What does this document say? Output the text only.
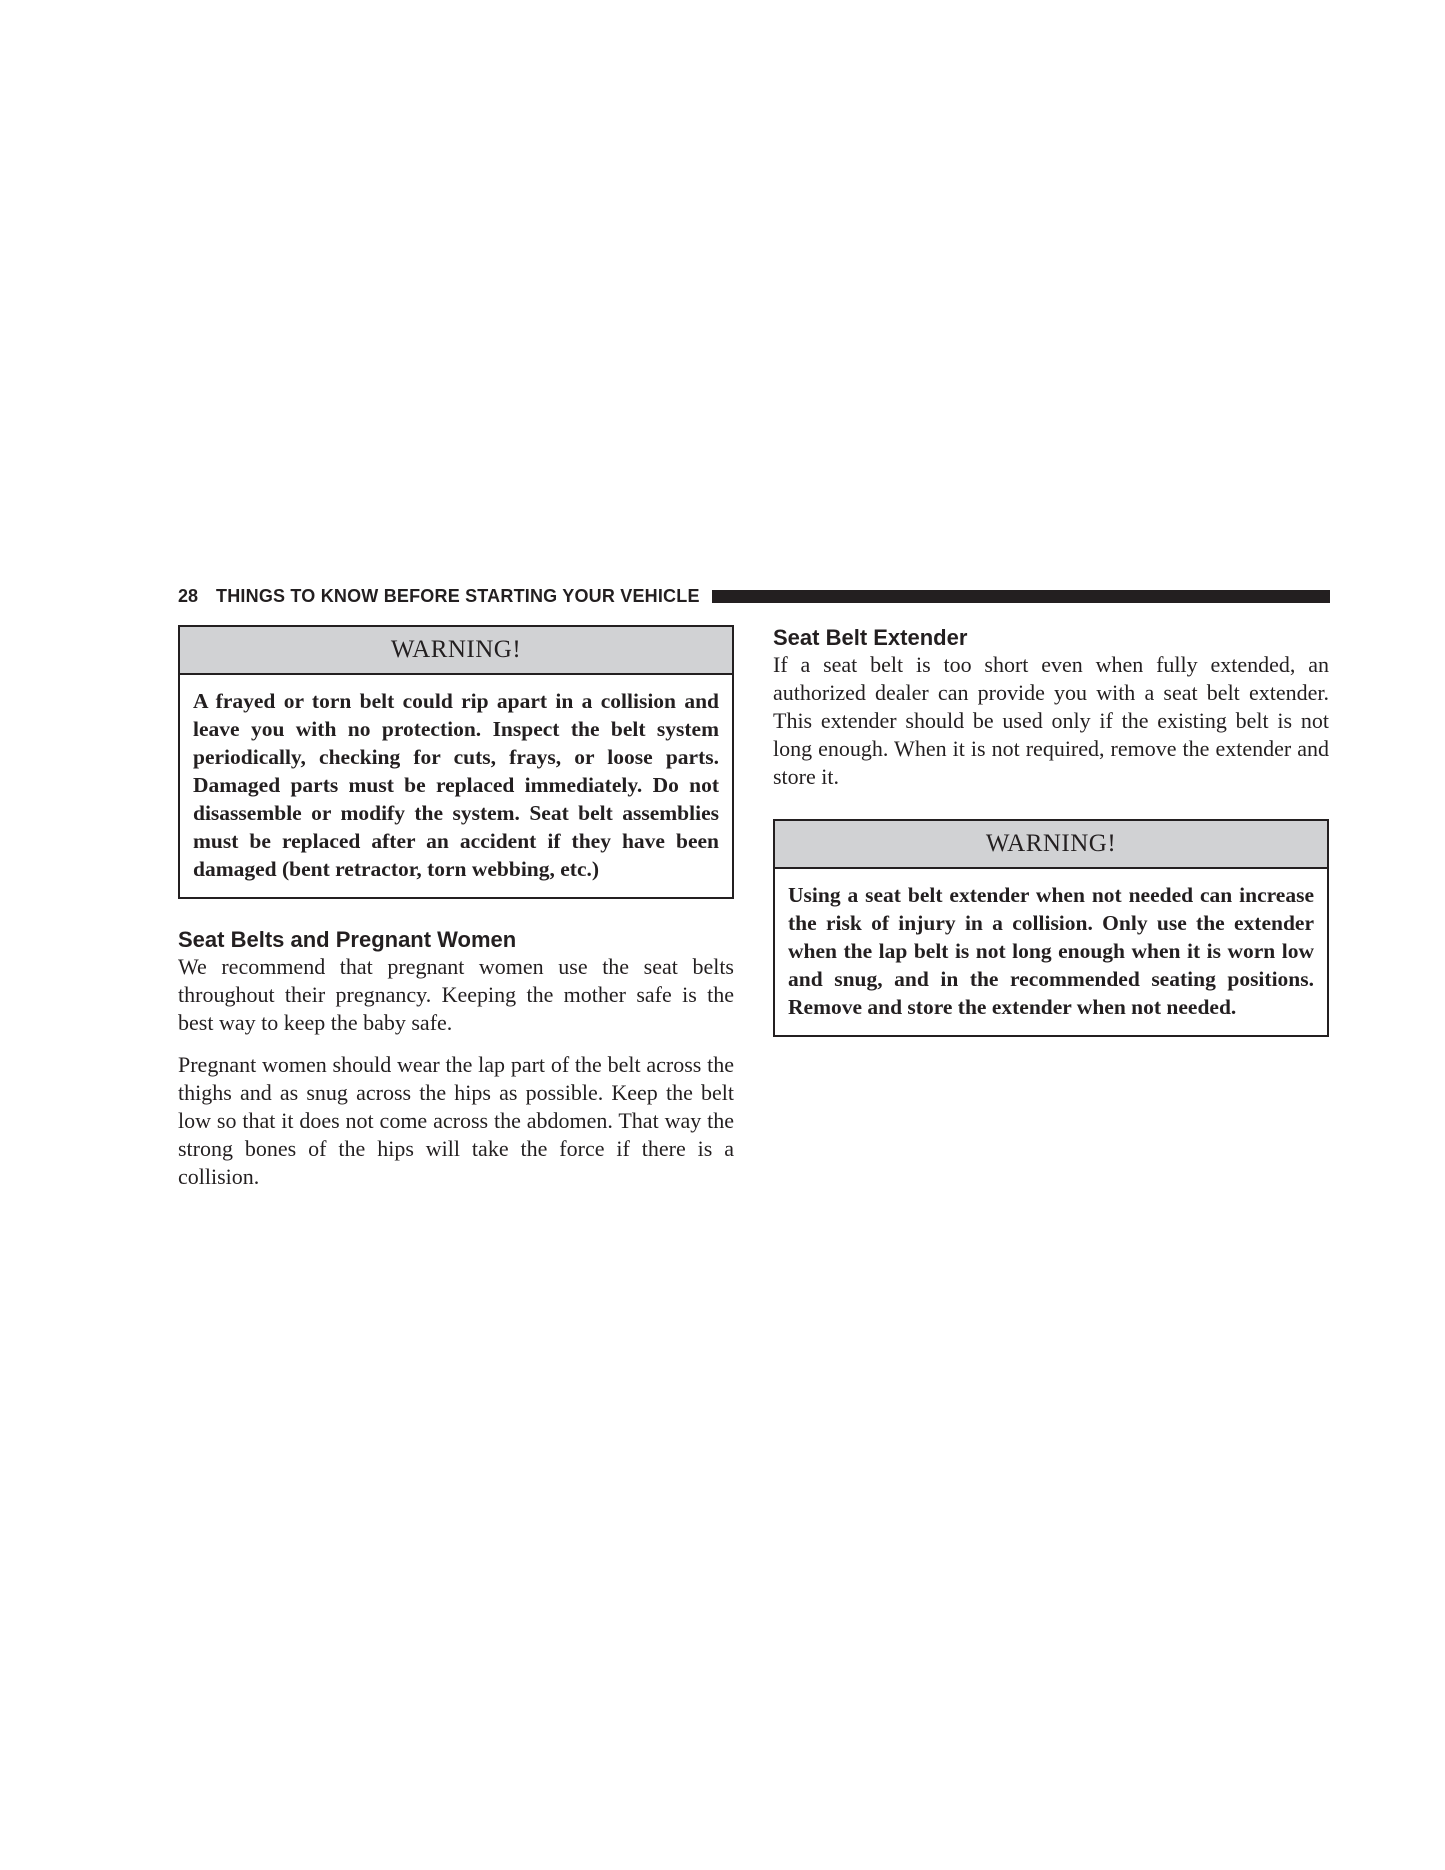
28 THINGS TO KNOW BEFORE STARTING YOUR VEHICLE
WARNING!
A frayed or torn belt could rip apart in a collision and leave you with no protection. Inspect the belt system periodically, checking for cuts, frays, or loose parts. Damaged parts must be replaced immediately. Do not disassemble or modify the system. Seat belt assemblies must be replaced after an accident if they have been damaged (bent retractor, torn webbing, etc.)
Seat Belts and Pregnant Women

We recommend that pregnant women use the seat belts throughout their pregnancy. Keeping the mother safe is the best way to keep the baby safe.

Pregnant women should wear the lap part of the belt across the thighs and as snug across the hips as possible. Keep the belt low so that it does not come across the abdomen. That way the strong bones of the hips will take the force if there is a collision.

Seat Belt Extender

If a seat belt is too short even when fully extended, an authorized dealer can provide you with a seat belt extender. This extender should be used only if the existing belt is not long enough. When it is not required, remove the extender and store it.

WARNING!
Using a seat belt extender when not needed can increase the risk of injury in a collision. Only use the extender when the lap belt is not long enough when it is worn low and snug, and in the recommended seating positions. Remove and store the extender when not needed.
